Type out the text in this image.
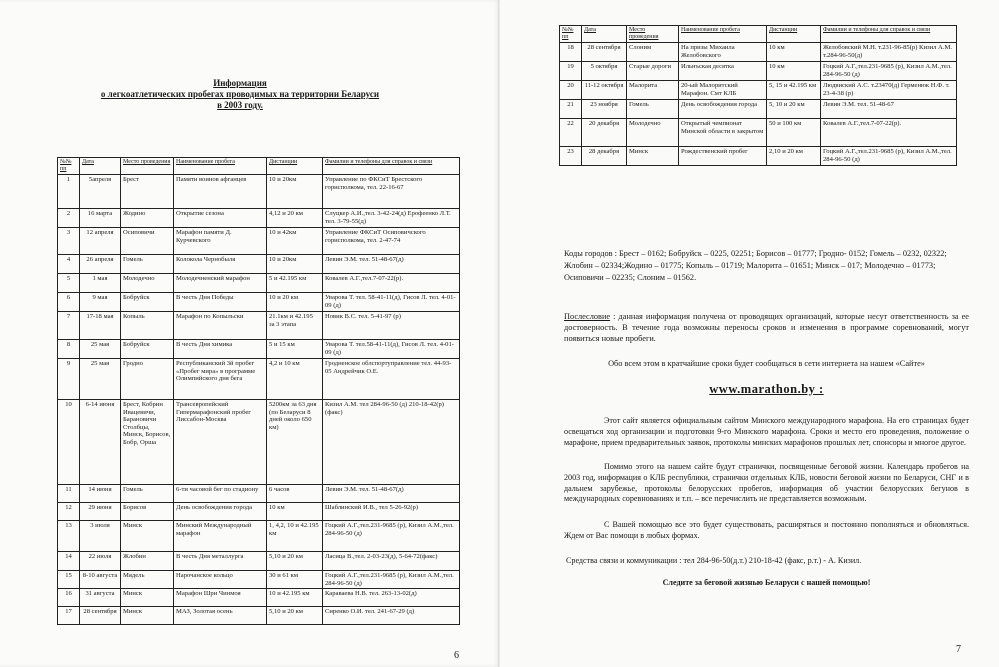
Информация
о легкоатлетических пробегах проводимых на территории Беларуси
в 2003 году.
№№ пп	Дата	Место проведения	Наименование пробега	Дистанции	Фамилии и телефоны для справок и связи
1	5апреля	Брест	Памяти воинов афганцев	10 и 20км	Управление по ФКСиТ Брестского горисполкома, тел. 22-16-67
2	16 марта	Жодино	Открытие сезона	4,12 и 20 км	Слуцкер А.И.,тел. 3-42-24(д) Ерофеенко Л.Т. тел. 3-79-55(д)
3	12 апреля	Осиповичи	Марафон памяти Д. Курчевского	10 и 42км	Управление ФКСиТ Осиповичского горисполкома, тел. 2-47-74
4	26 апреля	Гомель	Колокола Чернобыля	10 и 20км	Левин Э.М. тел. 51-48-67(д)
5	1 мая	Молодечно	Молодечненский марафон	5 и 42.195 км	Ковалев А.Г.,тел.7-07-22(р).
6	9 мая	Бобруйск	В честь Дня Победы	10 и 20 км	Уварова Т. тел. 58-41-11(д), Гисов Л. тел. 4-01-09 (д)
7	17-18 мая	Копыль	Марафон по Копыльски	21.1км и 42.195 за 3 этапа	Новик В.С. тел. 5-41-97 (р)
8	25 мая	Бобруйск	В честь Дня химика	5 и 15 км	Уварова Т. тел.58-41-11(д), Гисов Л. тел. 4-01-09 (д)
9	25 мая	Гродно	Республиканский 3й пробег «Пробег мира» в программе Олимпийского дня бега	4,2 и 10 км	Гродненское облспортуправление тел. 44-93-05 Андрейчик О.Е.
10	6-14 июня	Брест, Кобрин Ивацевичи, Барановичи Столбцы, Минск, Борисов, Бобр, Орша	Трансевропейский Гипермарафонский пробег Лиссабон-Москва	5200км за 63 дня (по Беларуси 8 дней около 650 км)	Кизил А.М. тел 284-96-50 (д) 210-18-42(р) (факс)
11	14 июня	Гомель	6-ти часовой бег по стадиону	6 часов	Левин Э.М. тел. 51-48-67(д)
12	29 июня	Борисов	День освобождения города	10 км	Шаблинский И.В., тел 5-26-92(р)
13	3 июля	Минск	Минский Международный марафон	1, 4,2, 10 и 42.195 км	Гоцкий А.Г.,тел.231-9685 (р), Кизил А.М.,тел. 284-96-50 (д)
14	22 июля	Жлобин	В честь Дня металлурга	5,10 и 20 км	Ласица В.,тел. 2-03-23(д), 5-64-72(факс)
15	8-10 августа	Мядель	Нарочанское кольцо	30 и 61 км	Гоцкий А.Г.,тел.231-9685 (р), Кизил А.М.,тел. 284-96-50 (д)
16	31 августа	Минск	Марафон Шри Чинмоя	10 и 42.195 км	Караваева Н.В. тел. 263-13-02(д)
17	28 сентября	Минск	МАЗ, Золотая осень	5,10 и 20 км	Сиренко О.И. тел. 241-67-29 (д)
6
№№ пп	Дата	Место проведения	Наименование пробега	Дистанции	Фамилии и телефоны для справок и связи
18	28 сентября	Слоним	На призы Михаила Желобовского	10 км	Желобовский М.Н. т.231-96-85(р) Кизил А.М. т.284-96-50(д)
19	5 октября	Старые дороги	Ильнъская десятка	10 км	Гоцкий А.Г.,тел.231-9685 (р), Кизил А.М.,тел. 284-96-50 (д)
20	11-12 октября	Малорита	20-ый Малоритский Марафон. Смт КЛБ	5, 15 и 42.195 км	Людвиский А.С. т.23470(д) Герменюк Н.Ф. т. 23-4-38 (р)
21	23 ноября	Гомель	День освобождения города	5, 10 и 20 км	Левин Э.М. тел. 51-48-67
22	20 декабря	Молодечно	Открытый чемпионат Минской области в закрытом	50 и 100 км	Ковалев А.Г.,тел.7-07-22(р).
23	28 декабря	Минск	Рождественский пробег	2,10 и 20 км	Гоцкий А.Г.,тел.231-9685 (р), Кизил А.М.,тел. 284-96-50 (д)
Коды городов : Брест – 0162; Бобруйск – 0225, 02251; Борисов – 01777; Гродно- 0152; Гомель – 0232, 02322; Жлобин – 02334;Жодино – 01775; Копыль – 01719; Малорита – 01651; Минск – 017; Молодечно – 01773; Осиповичи – 02235; Слоним – 01562.
Послесловие : данная информация получена от проводящих организаций, которые несут ответственность за ее достоверность. В течение года возможны переносы сроков и изменения в программе соревнований, могут появиться новые пробеги.
Обо всем этом в кратчайшие сроки будет сообщаться в сети интернета на нашем «Сайте»
www.marathon.by :
Этот сайт является официальным сайтом Минского международного марафона. На его страницах будет освещаться ход организации и подготовки 9-го Минского марафона. Сроки и место его проведения, положение о марафоне, прием предварительных заявок, протоколы минских марафонов прошлых лет, спонсоры и многое другое.
Помимо этого на нашем сайте будут странички, посвященные беговой жизни. Календарь пробегов на 2003 год, информация о КЛБ республики, странички отдельных КЛБ, новости беговой жизни по Беларуси, СНГ и в дальнем зарубежье, протоколы белорусских пробегов, информация об участии белорусских бегунов в международных соревнованиях и т.п. – все перечислить не представляется возможным.
С Вашей помощью все это будет существовать, расширяться и постоянно пополняться и обновляться. Ждем от Вас помощи в любых формах.
Средства связи и коммуникации : тел 284-96-50(д.т.) 210-18-42 (факс, р.т.) - А. Кизил.
Следите за беговой жизнью Беларуси с нашей помощью!
7
